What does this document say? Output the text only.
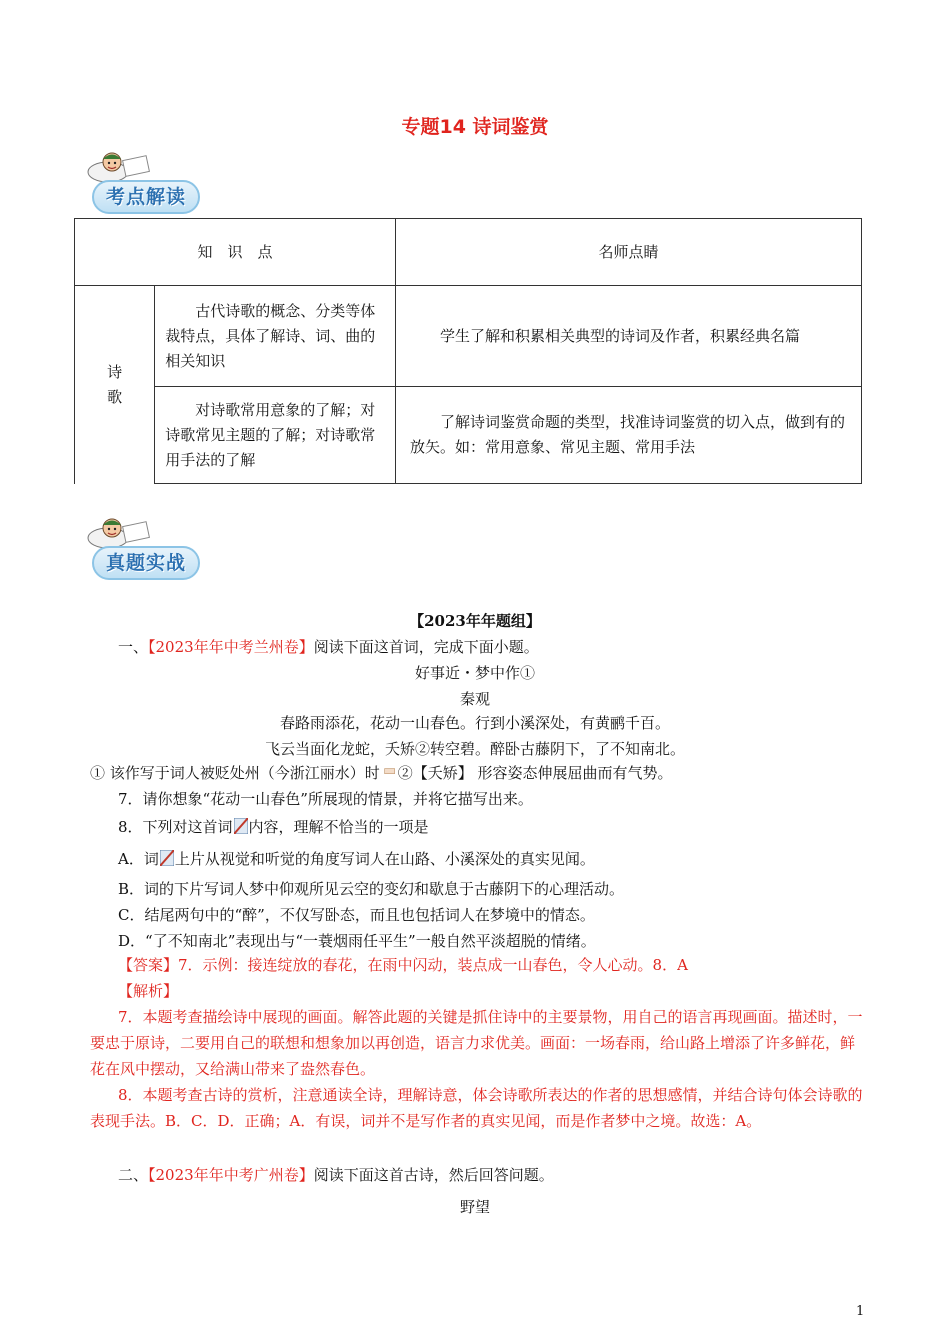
专题14 诗词鉴赏
考点解读
知　识　点		名师点睛
诗
歌	古代诗歌的概念、分类等体裁特点，具体了解诗、词、曲的相关知识	学生了解和积累相关典型的诗词及作者，积累经典名篇
	对诗歌常用意象的了解；对诗歌常见主题的了解；对诗歌常用手法的了解	了解诗词鉴赏命题的类型，找准诗词鉴赏的切入点，做到有的放矢。如：常用意象、常见主题、常用手法
真题实战
【2023年年题组】
一、【2023年年中考兰州卷】阅读下面这首词，完成下面小题。
好事近・梦中作①
秦观
春路雨添花，花动一山春色。行到小溪深处，有黄鹂千百。
飞云当面化龙蛇，夭矫②转空碧。醉卧古藤阴下，了不知南北。
① 该作写于词人被贬处州（今浙江丽水）时 ②【夭矫】 形容姿态伸展屈曲而有气势。
7．请你想象“花动一山春色”所展现的情景，并将它描写出来。
8．下列对这首词 内容，理解不恰当的一项是
A．词 上片从视觉和听觉的角度写词人在山路、小溪深处的真实见闻。
B．词的下片写词人梦中仰观所见云空的变幻和歇息于古藤阴下的心理活动。
C．结尾两句中的“醉”，不仅写卧态，而且也包括词人在梦境中的情态。
D．“了不知南北”表现出与“一蓑烟雨任平生”一般自然平淡超脱的情绪。
【答案】7．示例：接连绽放的春花，在雨中闪动，装点成一山春色，令人心动。8．A
【解析】
7．本题考查描绘诗中展现的画面。解答此题的关键是抓住诗中的主要景物，用自己的语言再现画面。描述时，一要忠于原诗，二要用自己的联想和想象加以再创造，语言力求优美。画面：一场春雨，给山路上增添了许多鲜花，鲜花在风中摆动，又给满山带来了盎然春色。
8．本题考查古诗的赏析，注意通读全诗，理解诗意，体会诗歌所表达的作者的思想感情，并结合诗句体会诗歌的表现手法。B．C．D．正确；A．有误，词并不是写作者的真实见闻，而是作者梦中之境。故选：A。
二、【2023年年中考广州卷】阅读下面这首古诗，然后回答问题。
野望
1
